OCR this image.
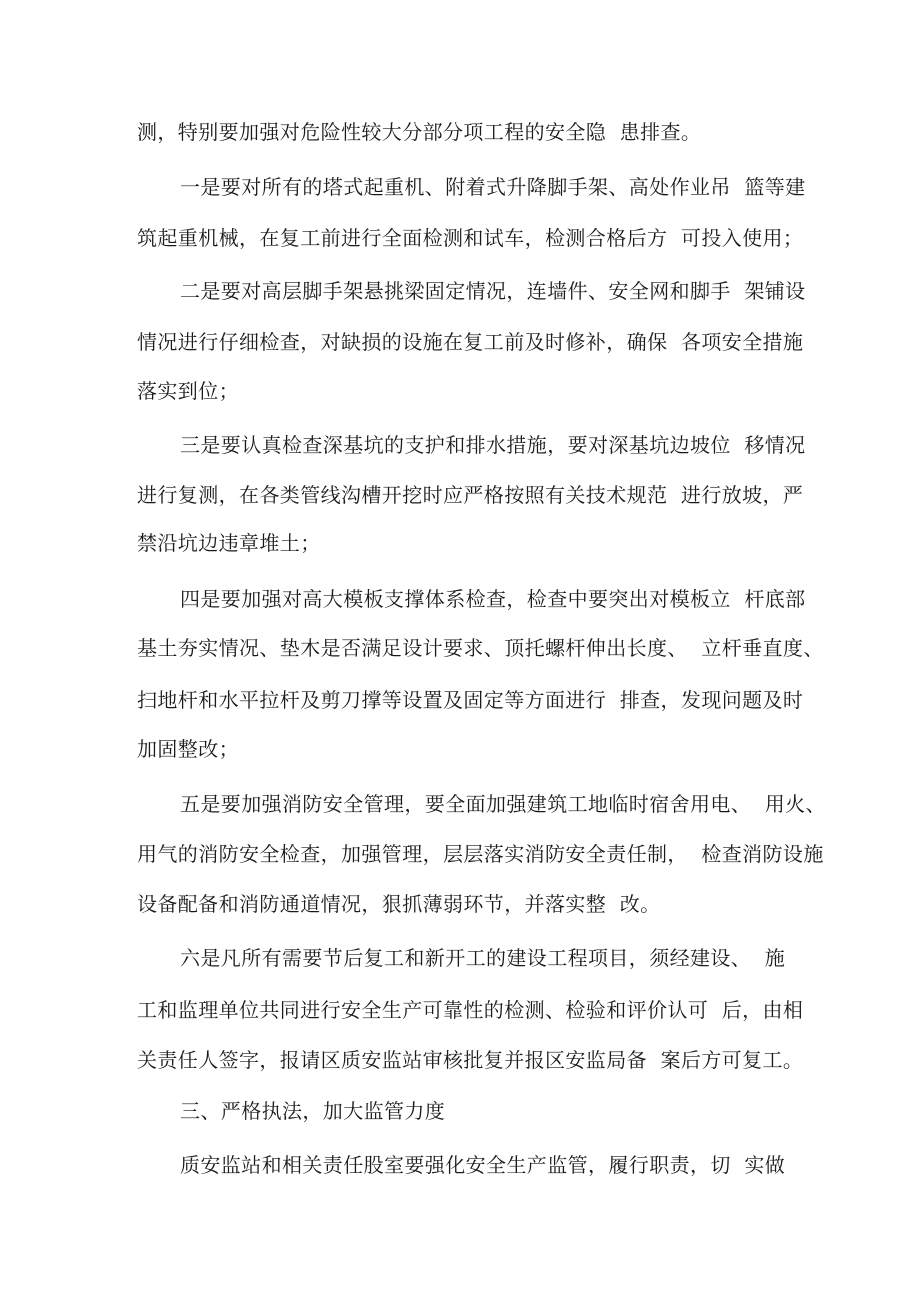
测，特别要加强对危险性较大分部分项工程的安全隐  患排查。
一是要对所有的塔式起重机、附着式升降脚手架、高处作业吊  篮等建
筑起重机械，在复工前进行全面检测和试车，检测合格后方  可投入使用；
二是要对高层脚手架悬挑梁固定情况，连墙件、安全网和脚手  架铺设
情况进行仔细检查，对缺损的设施在复工前及时修补，确保  各项安全措施
落实到位；
三是要认真检查深基坑的支护和排水措施，要对深基坑边坡位  移情况
进行复测，在各类管线沟槽开挖时应严格按照有关技术规范  进行放坡，严
禁沿坑边违章堆土；
四是要加强对高大模板支撑体系检查，检查中要突出对模板立  杆底部
基土夯实情况、垫木是否满足设计要求、顶托螺杆伸出长度、  立杆垂直度、
扫地杆和水平拉杆及剪刀撑等设置及固定等方面进行  排查，发现问题及时
加固整改；
五是要加强消防安全管理，要全面加强建筑工地临时宿舍用电、  用火、
用气的消防安全检查，加强管理，层层落实消防安全责任制，  检查消防设施
设备配备和消防通道情况，狠抓薄弱环节，并落实整  改。
六是凡所有需要节后复工和新开工的建设工程项目，须经建设、  施
工和监理单位共同进行安全生产可靠性的检测、检验和评价认可  后，由相
关责任人签字，报请区质安监站审核批复并报区安监局备  案后方可复工。
三、严格执法，加大监管力度
质安监站和相关责任股室要强化安全生产监管，履行职责，切  实做
